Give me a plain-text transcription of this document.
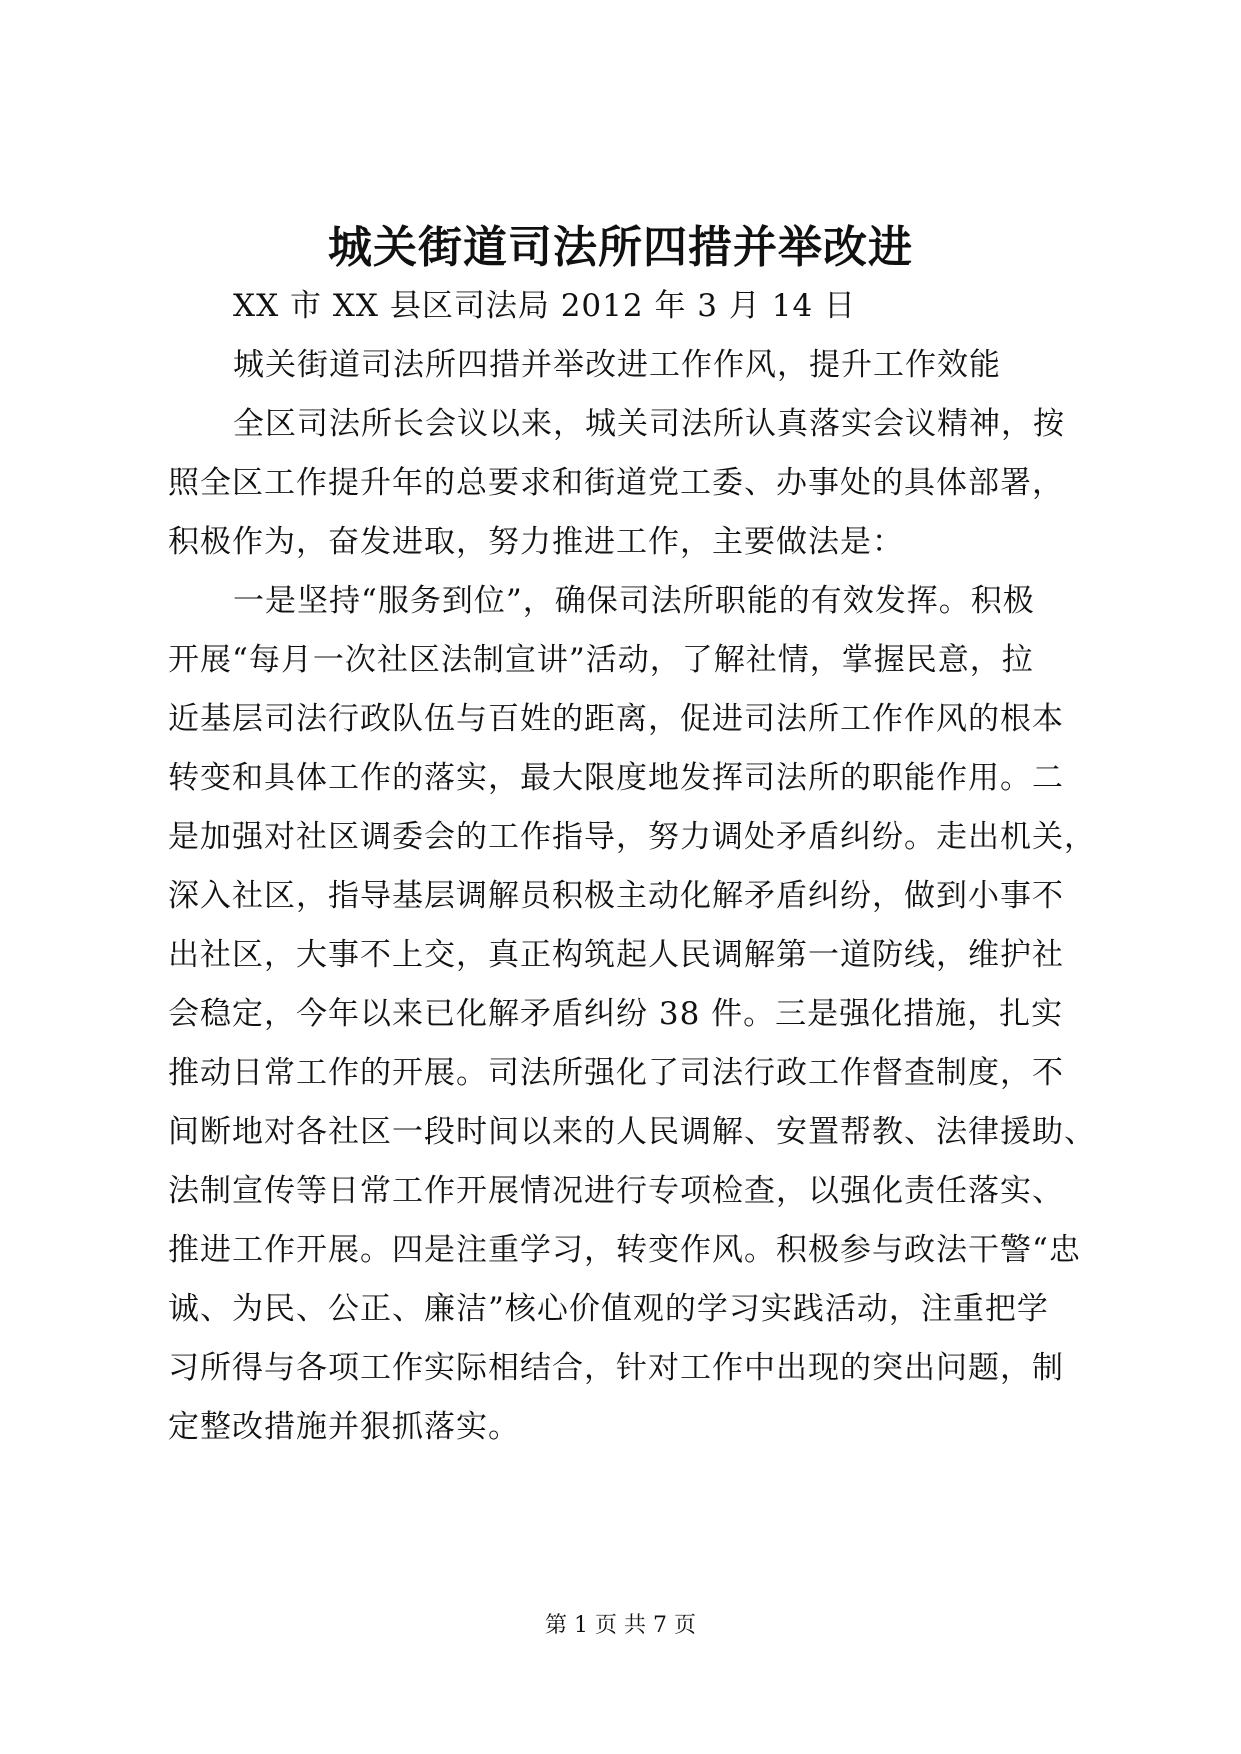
城关街道司法所四措并举改进

XX 市 XX 县区司法局 2012 年 3 月 14 日

城关街道司法所四措并举改进工作作风，提升工作效能

全区司法所长会议以来，城关司法所认真落实会议精神，按

照全区工作提升年的总要求和街道党工委、办事处的具体部署，

积极作为，奋发进取，努力推进工作，主要做法是：

一是坚持“服务到位”，确保司法所职能的有效发挥。积极

开展“每月一次社区法制宣讲”活动，了解社情，掌握民意，拉

近基层司法行政队伍与百姓的距离，促进司法所工作作风的根本

转变和具体工作的落实，最大限度地发挥司法所的职能作用。二

是加强对社区调委会的工作指导，努力调处矛盾纠纷。走出机关，

深入社区，指导基层调解员积极主动化解矛盾纠纷，做到小事不

出社区，大事不上交，真正构筑起人民调解第一道防线，维护社

会稳定，今年以来已化解矛盾纠纷 38 件。三是强化措施，扎实

推动日常工作的开展。司法所强化了司法行政工作督查制度，不

间断地对各社区一段时间以来的人民调解、安置帮教、法律援助、

法制宣传等日常工作开展情况进行专项检查，以强化责任落实、

推进工作开展。四是注重学习，转变作风。积极参与政法干警“忠

诚、为民、公正、廉洁”核心价值观的学习实践活动，注重把学

习所得与各项工作实际相结合，针对工作中出现的突出问题，制

定整改措施并狠抓落实。

第 1 页 共 7 页
